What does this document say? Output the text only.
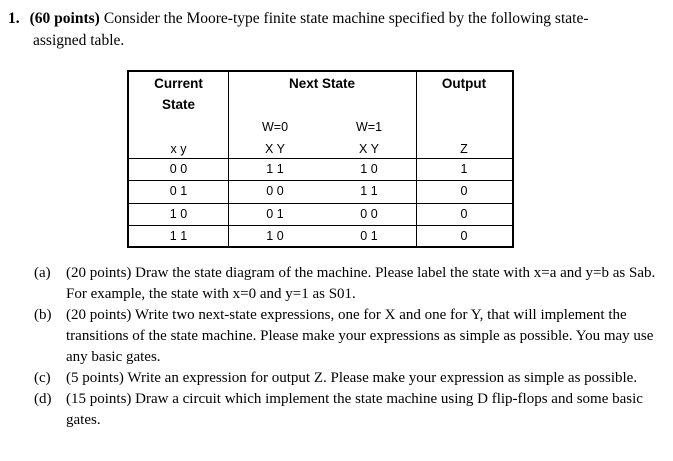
1. (60 points) Consider the Moore-type finite state machine specified by the following state-
assigned table.
Current
State
Next State	Output
W=0	W=1
x y	X Y	X Y	Z
0 0	1 1	1 0	1
0 1	0 0	1 1	0
1 0	0 1	0 0	0
1 1	1 0	0 1	0
(a)	(20 points) Draw the state diagram of the machine. Please label the state with x=a and y=b as Sab. For example, the state with x=0 and y=1 as S01.
(b) (20 points) Write two next-state expressions, one for X and one for Y, that will implement the transitions of the state machine. Please make your expressions as simple as possible. You may use any basic gates.
(c)	(5 points) Write an expression for output Z. Please make your expression as simple as possible.
(d) (15 points) Draw a circuit which implement the state machine using D flip-flops and some basic gates.
